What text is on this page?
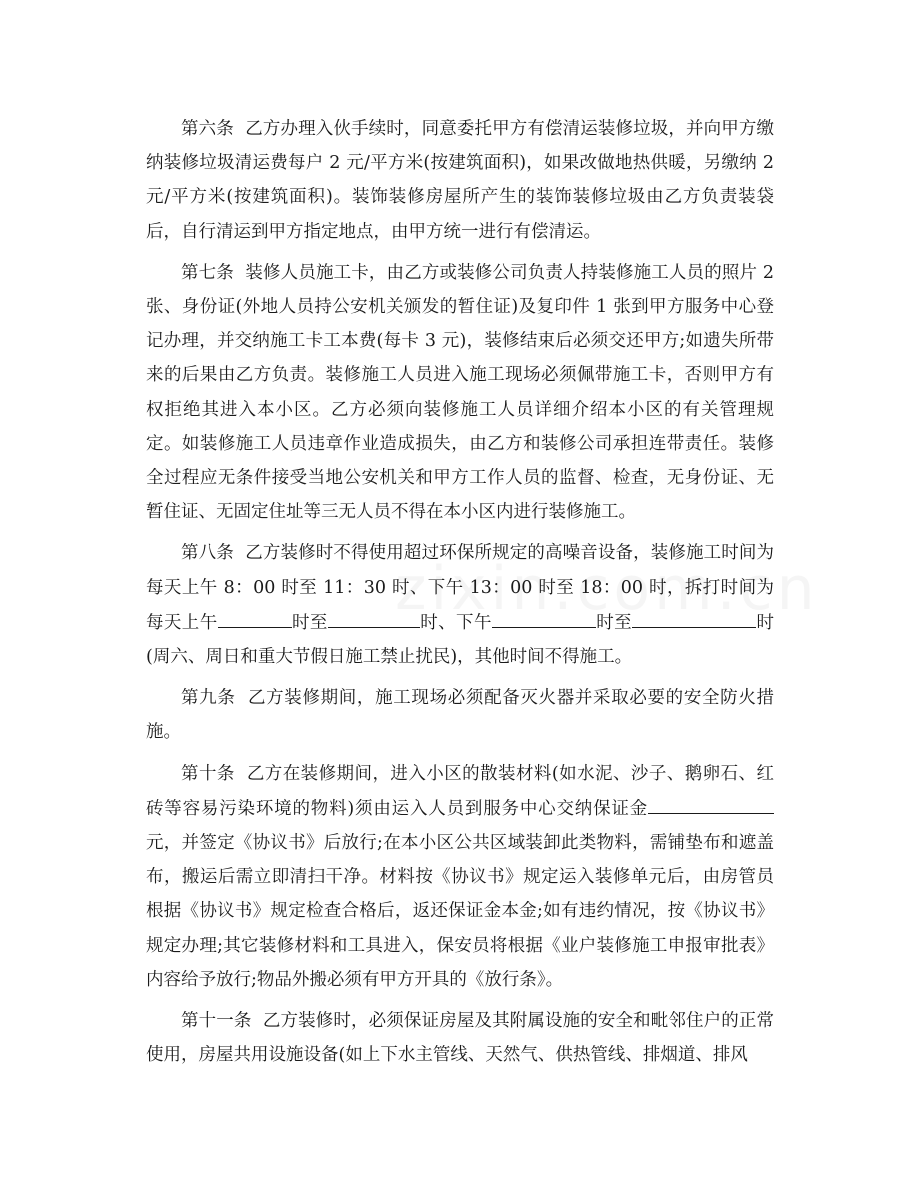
第六条 乙方办理入伙手续时，同意委托甲方有偿清运装修垃圾，并向甲方缴纳装修垃圾清运费每户 2 元/平方米(按建筑面积)，如果改做地热供暖，另缴纳 2 元/平方米(按建筑面积)。装饰装修房屋所产生的装饰装修垃圾由乙方负责装袋后，自行清运到甲方指定地点，由甲方统一进行有偿清运。

第七条 装修人员施工卡，由乙方或装修公司负责人持装修施工人员的照片 2 张、身份证(外地人员持公安机关颁发的暂住证)及复印件 1 张到甲方服务中心登记办理，并交纳施工卡工本费(每卡 3 元)，装修结束后必须交还甲方;如遗失所带来的后果由乙方负责。装修施工人员进入施工现场必须佩带施工卡，否则甲方有权拒绝其进入本小区。乙方必须向装修施工人员详细介绍本小区的有关管理规定。如装修施工人员违章作业造成损失，由乙方和装修公司承担连带责任。装修全过程应无条件接受当地公安机关和甲方工作人员的监督、检查，无身份证、无暂住证、无固定住址等三无人员不得在本小区内进行装修施工。

第八条 乙方装修时不得使用超过环保所规定的高噪音设备，装修施工时间为每天上午 8：00 时至 11：30 时、下午 13：00 时至 18：00 时，拆打时间为每天上午	时至	时、下午	时至	时(周六、周日和重大节假日施工禁止扰民)，其他时间不得施工。

第九条 乙方装修期间，施工现场必须配备灭火器并采取必要的安全防火措施。

第十条 乙方在装修期间，进入小区的散装材料(如水泥、沙子、鹅卵石、红砖等容易污染环境的物料)须由运入人员到服务中心交纳保证金元，并签定《协议书》后放行;在本小区公共区域装卸此类物料，需铺垫布和遮盖布，搬运后需立即清扫干净。材料按《协议书》规定运入装修单元后，由房管员根据《协议书》规定检查合格后，返还保证金本金;如有违约情况，按《协议书》规定办理;其它装修材料和工具进入，保安员将根据《业户装修施工申报审批表》内容给予放行;物品外搬必须有甲方开具的《放行条》。

第十一条 乙方装修时，必须保证房屋及其附属设施的安全和毗邻住户的正常使用，房屋共用设施设备(如上下水主管线、天然气、供热管线、排烟道、排风
